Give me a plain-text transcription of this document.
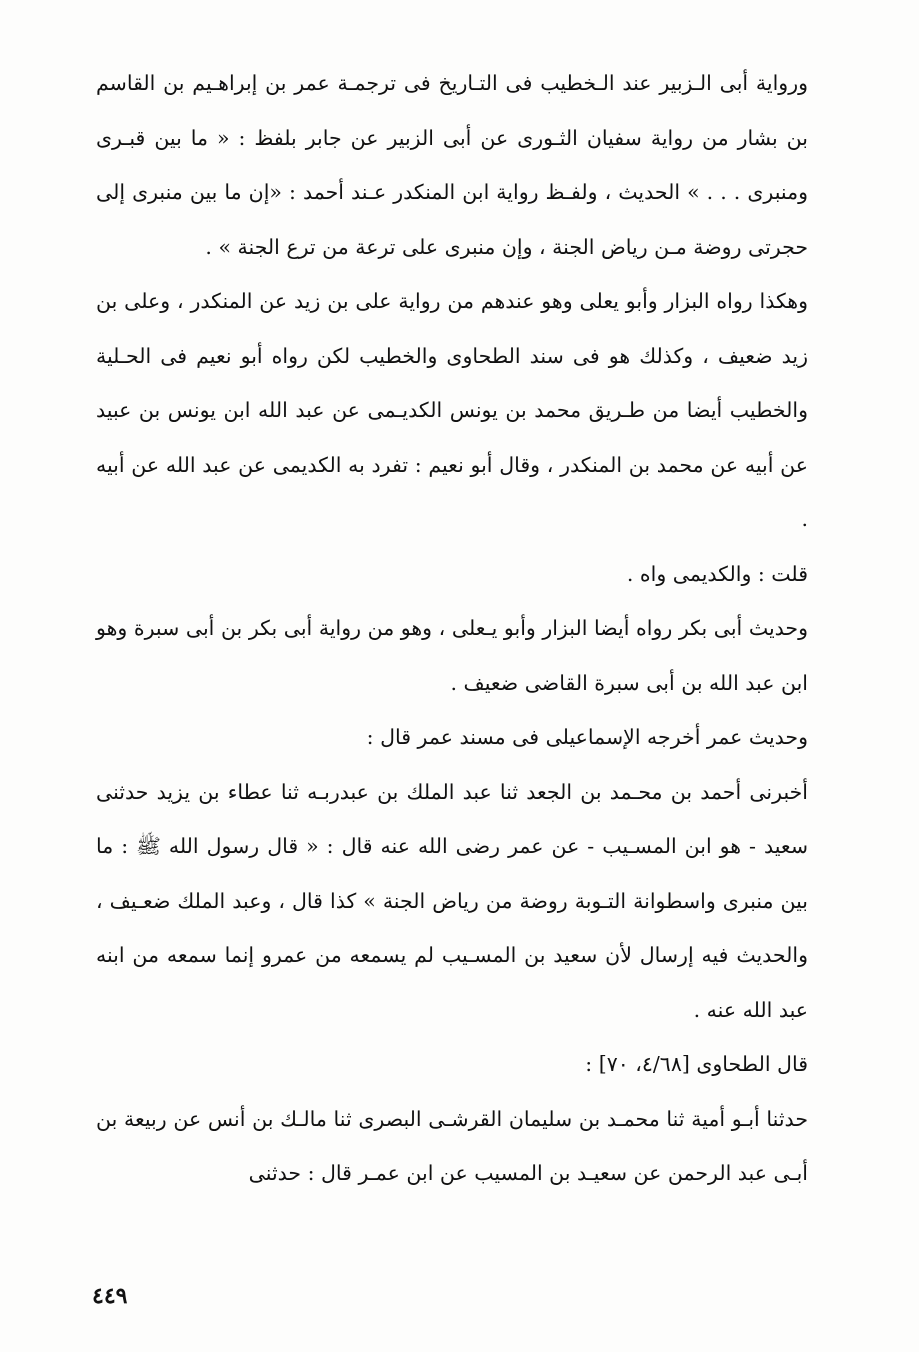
ورواية أبى الـزبير عند الـخطيب فى التـاريخ فى ترجمـة عمر بن إبراهـيم بن القاسم بن بشار من رواية سفيان الثـورى عن أبى الزبير عن جابر بلفظ : « ما بين قبـرى ومنبرى . . . » الحديث ، ولفـظ رواية ابن المنكدر عـند أحمد : «إن ما بين منبرى إلى حجرتى روضة مـن رياض الجنة ، وإن منبرى على ترعة من ترع الجنة » .

وهكذا رواه البزار وأبو يعلى وهو عندهم من رواية على بن زيد عن المنكدر ، وعلى بن زيد ضعيف ، وكذلك هو فى سند الطحاوى والخطيب لكن رواه أبو نعيم فى الحـلية والخطيب أيضا من طـريق محمد بن يونس الكديـمى عن عبد الله ابن يونس بن عبيد عن أبيه عن محمد بن المنكدر ، وقال أبو نعيم : تفرد به الكديمى عن عبد الله عن أبيه .

قلت : والكديمى واه .

وحديث أبى بكر رواه أيضا البزار وأبو يـعلى ، وهو من رواية أبى بكر بن أبى سبرة وهو ابن عبد الله بن أبى سبرة القاضى ضعيف .

وحديث عمر أخرجه الإسماعيلى فى مسند عمر قال :

أخبرنى أحمد بن محـمد بن الجعد ثنا عبد الملك بن عبدربـه ثنا عطاء بن يزيد حدثنى سعيد - هو ابن المسـيب - عن عمر رضى الله عنه قال : « قال رسول الله ﷺ : ما بين منبرى واسطوانة التـوبة روضة من رياض الجنة » كذا قال ، وعبد الملك ضعـيف ، والحديث فيه إرسال لأن سعيد بن المسـيب لم يسمعه من عمرو إنما سمعه من ابنه عبد الله عنه .

قال الطحاوى [٤/٦٨، ٧٠] :

حدثنا أبـو أمية ثنا محمـد بن سليمان القرشـى البصرى ثنا مالـك بن أنس عن ربيعة بن أبـى عبد الرحمن عن سعيـد بن المسيب عن ابن عمـر قال : حدثنى

٤٤٩
